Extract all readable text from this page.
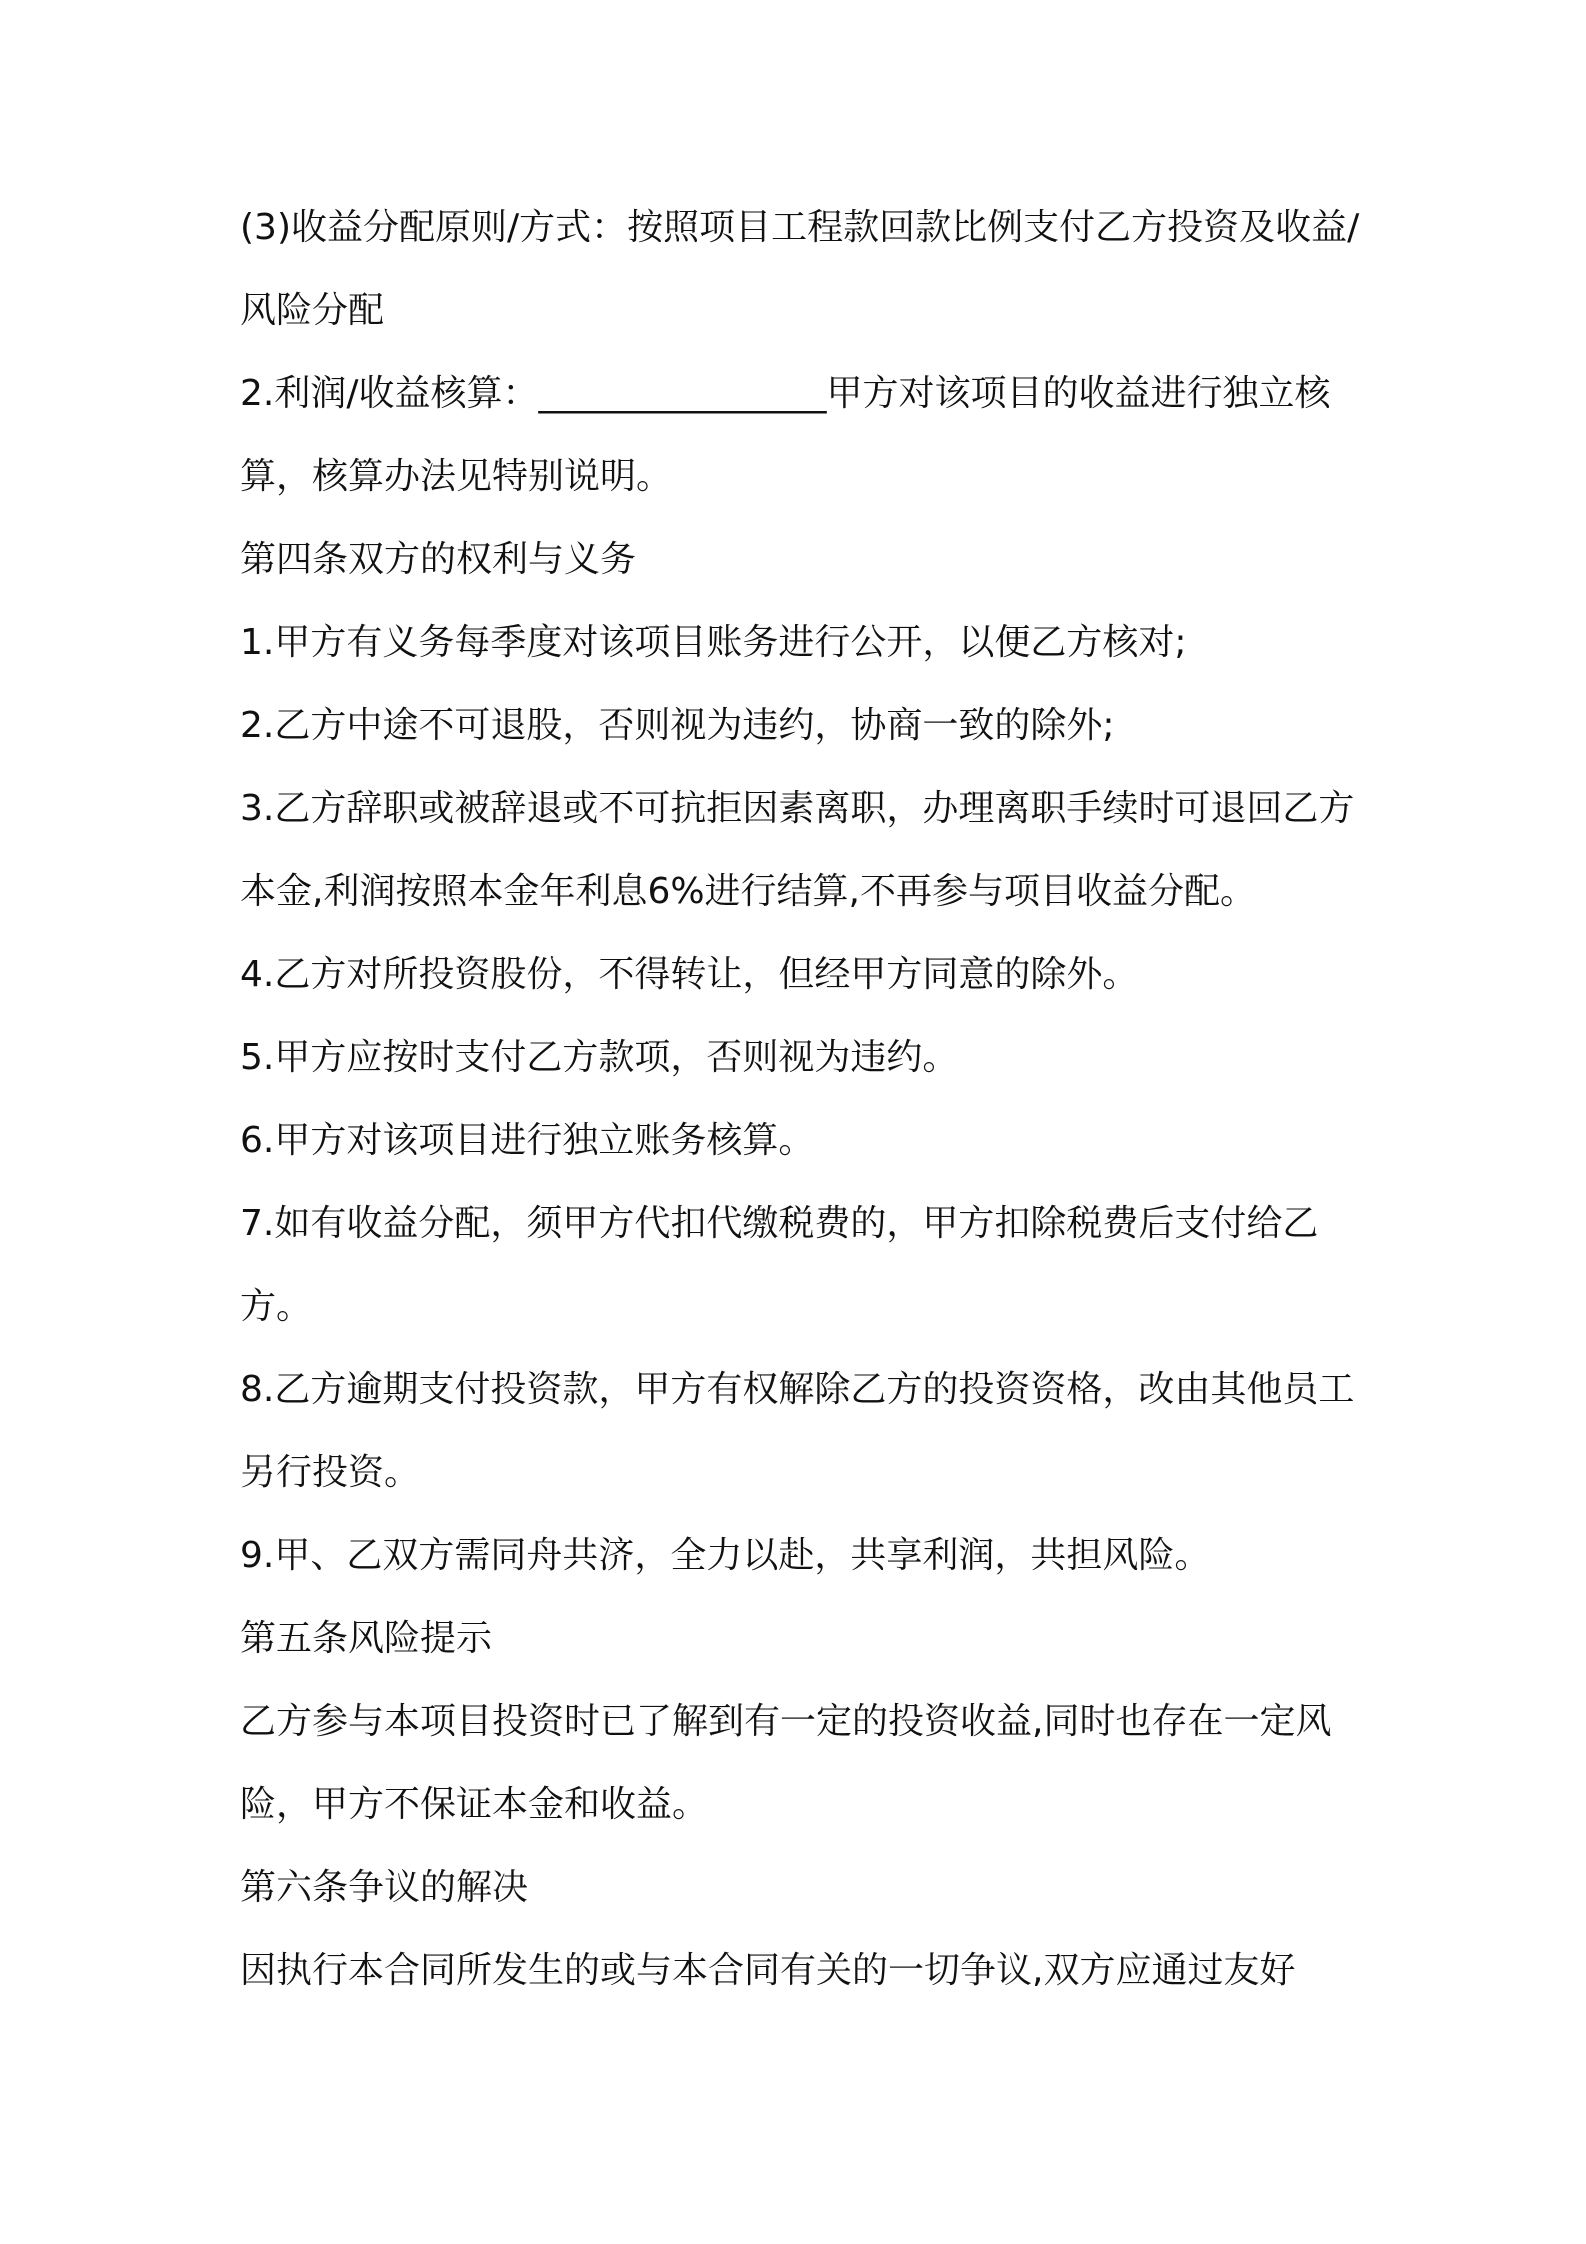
(3)收益分配原则/方式：按照项目工程款回款比例支付乙方投资及收益/风险分配

2.利润/收益核算：________________甲方对该项目的收益进行独立核算，核算办法见特别说明。

第四条双方的权利与义务

1.甲方有义务每季度对该项目账务进行公开，以便乙方核对;

2.乙方中途不可退股，否则视为违约，协商一致的除外;

3.乙方辞职或被辞退或不可抗拒因素离职，办理离职手续时可退回乙方本金,利润按照本金年利息6%进行结算,不再参与项目收益分配。

4.乙方对所投资股份，不得转让，但经甲方同意的除外。

5.甲方应按时支付乙方款项，否则视为违约。

6.甲方对该项目进行独立账务核算。

7.如有收益分配，须甲方代扣代缴税费的，甲方扣除税费后支付给乙方。

8.乙方逾期支付投资款，甲方有权解除乙方的投资资格，改由其他员工另行投资。

9.甲、乙双方需同舟共济，全力以赴，共享利润，共担风险。

第五条风险提示

乙方参与本项目投资时已了解到有一定的投资收益,同时也存在一定风险，甲方不保证本金和收益。

第六条争议的解决

因执行本合同所发生的或与本合同有关的一切争议,双方应通过友好
